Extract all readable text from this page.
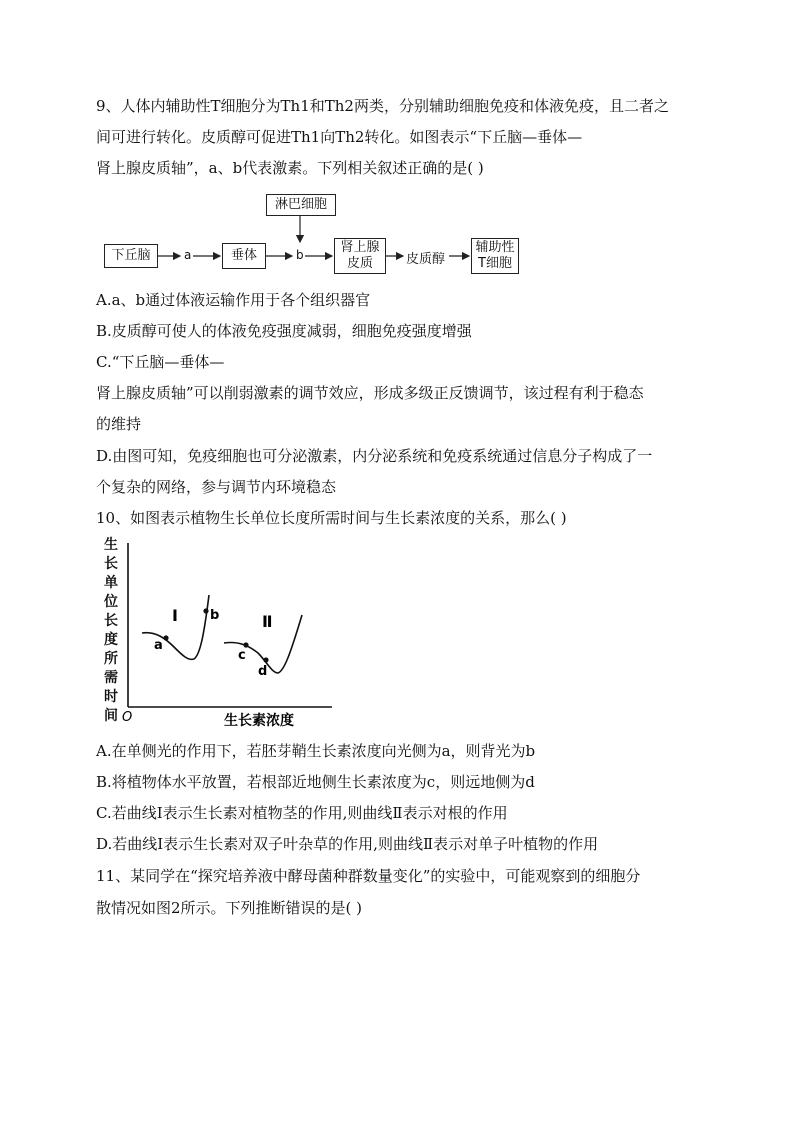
9、人体内辅助性T细胞分为Th1和Th2两类，分别辅助细胞免疫和体液免疫，且二者之
间可进行转化。皮质醇可促进Th1向Th2转化。如图表示“下丘脑—垂体—
肾上腺皮质轴”，a、b代表激素。下列相关叙述正确的是( )
淋巴细胞
下丘脑	a	垂体	b	肾上腺
皮质	皮质醇
辅助性
T细胞
A.a、b通过体液运输作用于各个组织器官
B.皮质醇可使人的体液免疫强度减弱，细胞免疫强度增强
C.“下丘脑—垂体—
肾上腺皮质轴”可以削弱激素的调节效应，形成多级正反馈调节，该过程有利于稳态
的维持
D.由图可知，免疫细胞也可分泌激素，内分泌系统和免疫系统通过信息分子构成了一
个复杂的网络，参与调节内环境稳态
10、如图表示植物生长单位长度所需时间与生长素浓度的关系，那么( )
生
长
单
位
长
度
所
需
时
间 O	生长素浓度
a
b
Ⅰ
c
d
Ⅱ
A.在单侧光的作用下，若胚芽鞘生长素浓度向光侧为a，则背光为b
B.将植物体水平放置，若根部近地侧生长素浓度为c，则远地侧为d
C.若曲线Ⅰ表示生长素对植物茎的作用,则曲线Ⅱ表示对根的作用
D.若曲线Ⅰ表示生长素对双子叶杂草的作用,则曲线Ⅱ表示对单子叶植物的作用
11、某同学在“探究培养液中酵母菌种群数量变化”的实验中，可能观察到的细胞分
散情况如图2所示。下列推断错误的是( )
